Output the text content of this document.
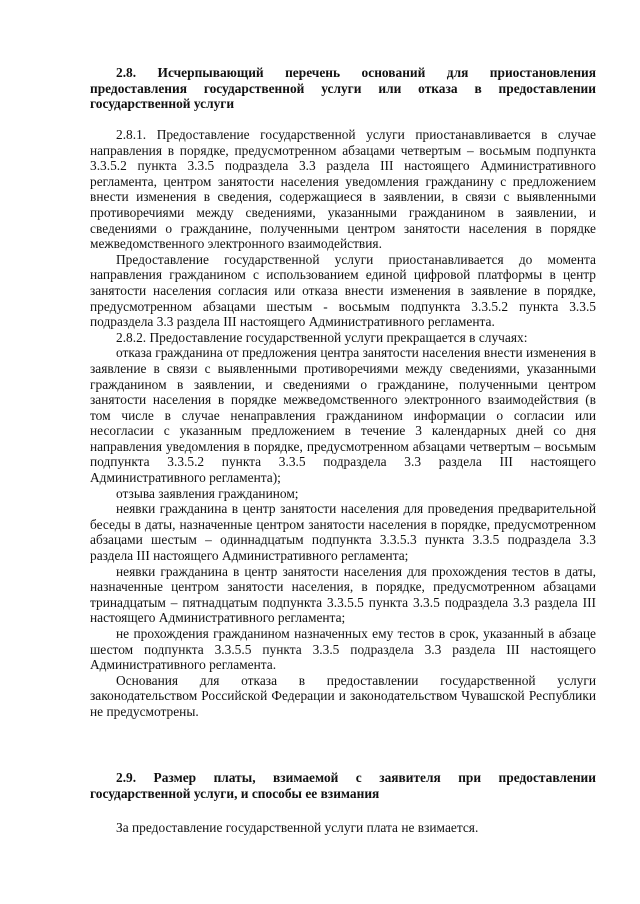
2.8. Исчерпывающий перечень оснований для приостановления предоставления государственной услуги или отказа в предоставлении государственной услуги

2.8.1. Предоставление государственной услуги приостанавливается в случае направления в порядке, предусмотренном абзацами четвертым – восьмым подпункта 3.3.5.2 пункта 3.3.5 подраздела 3.3 раздела III настоящего Административного регламента, центром занятости населения уведомления гражданину с предложением внести изменения в сведения, содержащиеся в заявлении, в связи с выявленными противоречиями между сведениями, указанными гражданином в заявлении, и сведениями о гражданине, полученными центром занятости населения в порядке межведомственного электронного взаимодействия.

Предоставление государственной услуги приостанавливается до момента направления гражданином с использованием единой цифровой платформы в центр занятости населения согласия или отказа внести изменения в заявление в порядке, предусмотренном абзацами шестым - восьмым подпункта 3.3.5.2 пункта 3.3.5 подраздела 3.3 раздела III настоящего Административного регламента.

2.8.2. Предоставление государственной услуги прекращается в случаях:

отказа гражданина от предложения центра занятости населения внести изменения в заявление в связи с выявленными противоречиями между сведениями, указанными гражданином в заявлении, и сведениями о гражданине, полученными центром занятости населения в порядке межведомственного электронного взаимодействия (в том числе в случае ненаправления гражданином информации о согласии или несогласии с указанным предложением в течение 3 календарных дней со дня направления уведомления в порядке, предусмотренном абзацами четвертым – восьмым подпункта 3.3.5.2 пункта 3.3.5 подраздела 3.3 раздела III настоящего Административного регламента);

отзыва заявления гражданином;

неявки гражданина в центр занятости населения для проведения предварительной беседы в даты, назначенные центром занятости населения в порядке, предусмотренном абзацами шестым – одиннадцатым подпункта 3.3.5.3 пункта 3.3.5 подраздела 3.3 раздела III настоящего Административного регламента;

неявки гражданина в центр занятости населения для прохождения тестов в даты, назначенные центром занятости населения, в порядке, предусмотренном абзацами тринадцатым – пятнадцатым подпункта 3.3.5.5 пункта 3.3.5 подраздела 3.3 раздела III настоящего Административного регламента;

не прохождения гражданином назначенных ему тестов в срок, указанный в абзаце шестом подпункта 3.3.5.5 пункта 3.3.5 подраздела 3.3 раздела III настоящего Административного регламента.

Основания для отказа в предоставлении государственной услуги законодательством Российской Федерации и законодательством Чувашской Республики не предусмотрены.

2.9. Размер платы, взимаемой с заявителя при предоставлении государственной услуги, и способы ее взимания

За предоставление государственной услуги плата не взимается.
